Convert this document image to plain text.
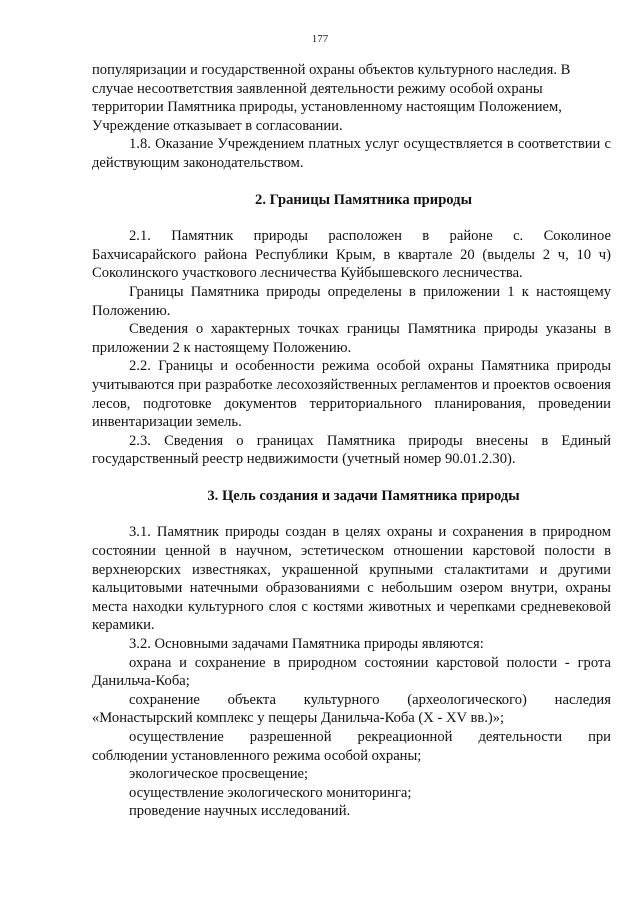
177

популяризации и государственной охраны объектов культурного наследия. В

случае несоответствия заявленной деятельности режиму особой охраны

территории Памятника природы, установленному настоящим Положением,

Учреждение отказывает в согласовании.

1.8. Оказание Учреждением платных услуг осуществляется в соответствии с действующим законодательством.

2. Границы Памятника природы

2.1. Памятник природы расположен в районе с. Соколиное

Бахчисарайского района Республики Крым, в квартале 20 (выделы 2 ч, 10 ч) Соколинского участкового лесничества Куйбышевского лесничества.

Границы Памятника природы определены в приложении 1 к настоящему Положению.

Сведения о характерных точках границы Памятника природы указаны в приложении 2 к настоящему Положению.

2.2. Границы и особенности режима особой охраны Памятника природы учитываются при разработке лесохозяйственных регламентов и проектов освоения лесов, подготовке документов территориального планирования, проведении инвентаризации земель.

2.3. Сведения о границах Памятника природы внесены в Единый государственный реестр недвижимости (учетный номер 90.01.2.30).

3. Цель создания и задачи Памятника природы

3.1. Памятник природы создан в целях охраны и сохранения в природном состоянии ценной в научном, эстетическом отношении карстовой полости в верхнеюрских известняках, украшенной крупными сталактитами и другими кальцитовыми натечными образованиями с небольшим озером внутри, охраны места находки культурного слоя с костями животных и черепками средневековой керамики.

3.2. Основными задачами Памятника природы являются:

охрана и сохранение в природном состоянии карстовой полости - грота Данильча-Коба;

сохранение объекта культурного (археологического) наследия

«Монастырский комплекс у пещеры Данильча-Коба (X - XV вв.)»;

осуществление разрешенной рекреационной деятельности при

соблюдении установленного режима особой охраны;

экологическое просвещение;

осуществление экологического мониторинга;

проведение научных исследований.
